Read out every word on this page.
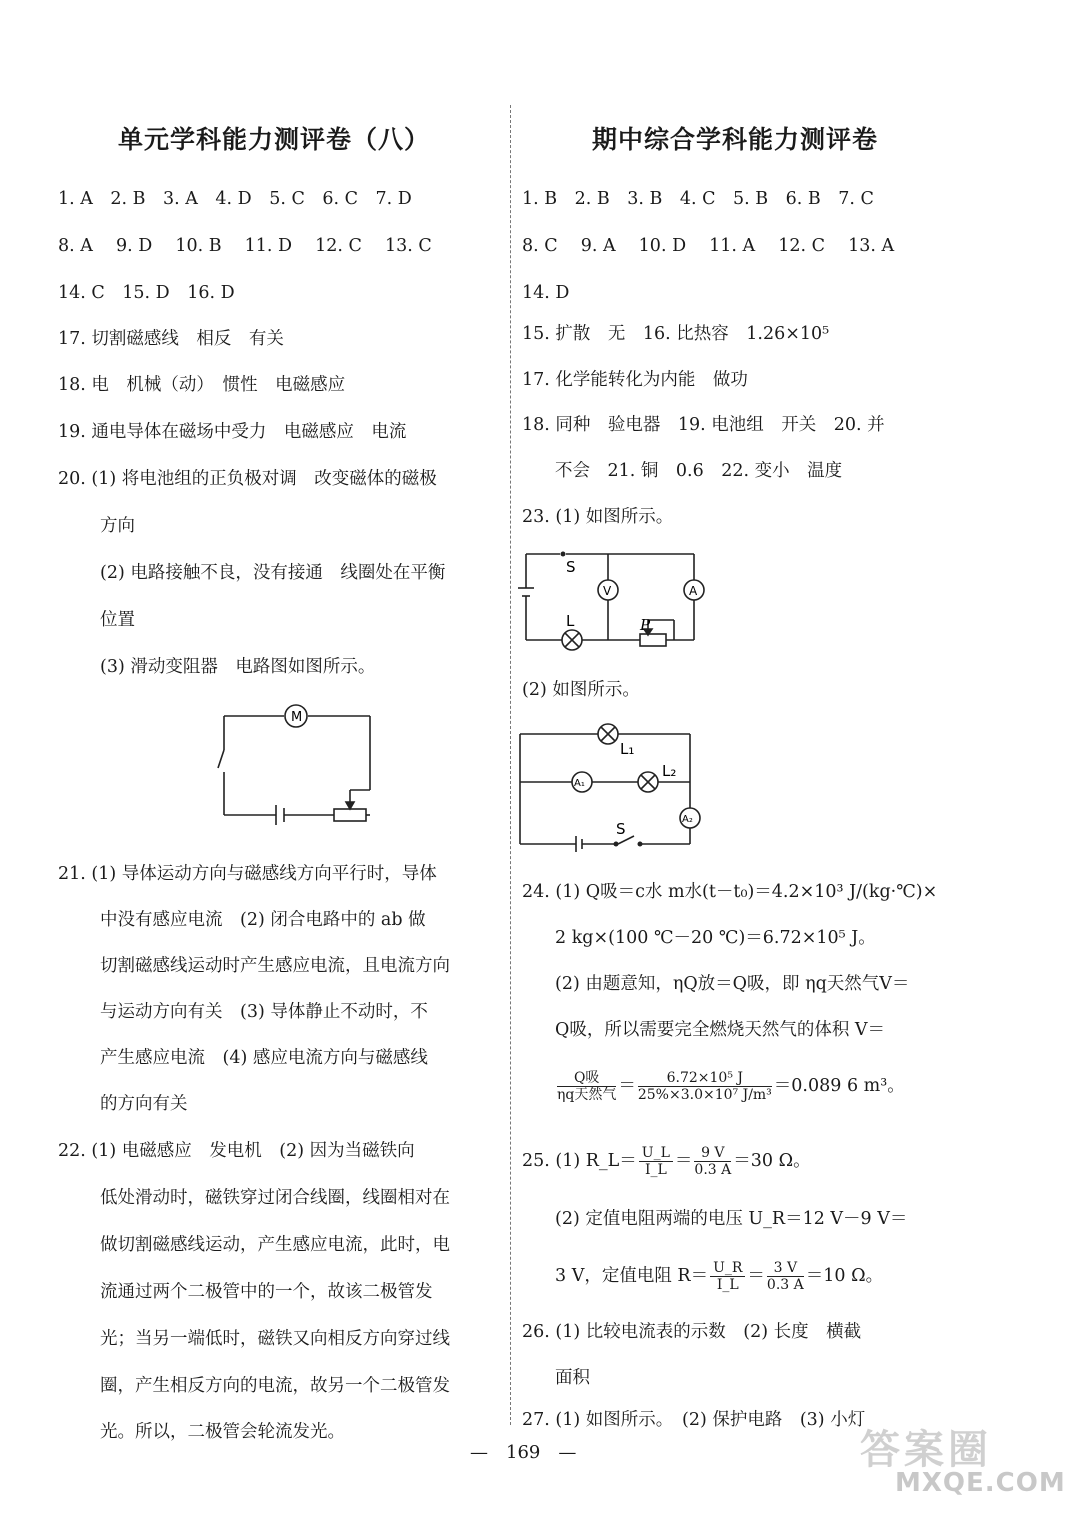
单元学科能力测评卷（八）
1. A　2. B　3. A　4. D　5. C　6. C　7. D
8. A　 9. D　 10. B　 11. D　 12. C　 13. C
14. C　15. D　16. D
17. 切割磁感线　相反　有关
18. 电　机械（动）　惯性　电磁感应
19. 通电导体在磁场中受力　电磁感应　电流
20. (1) 将电池组的正负极对调　改变磁体的磁极
方向
(2) 电路接触不良，没有接通　线圈处在平衡
位置
(3) 滑动变阻器　电路图如图所示。
M
21. (1) 导体运动方向与磁感线方向平行时，导体
中没有感应电流　(2) 闭合电路中的 ab 做
切割磁感线运动时产生感应电流，且电流方向
与运动方向有关　(3) 导体静止不动时，不
产生感应电流　(4) 感应电流方向与磁感线
的方向有关
22. (1) 电磁感应　发电机　(2) 因为当磁铁向
低处滑动时，磁铁穿过闭合线圈，线圈相对在
做切割磁感线运动，产生感应电流，此时，电
流通过两个二极管中的一个，故该二极管发
光；当另一端低时，磁铁又向相反方向穿过线
圈，产生相反方向的电流，故另一个二极管发
光。所以，二极管会轮流发光。
期中综合学科能力测评卷
1. B　2. B　3. B　4. C　5. B　6. B　7. C
8. C　 9. A　 10. D　 11. A　 12. C　 13. A
14. D
15. 扩散　无　16. 比热容　1.26×10⁵
17. 化学能转化为内能　做功
18. 同种　验电器　19. 电池组　开关　20. 并
不会　21. 铜　0.6　22. 变小　温度
23. (1) 如图所示。
S
V	A
L	P
(2) 如图所示。
L₁
L₂
A₁
A₂
S
24. (1) Q吸＝c水 m水(t－t₀)＝4.2×10³ J/(kg·℃)×
2 kg×(100 ℃－20 ℃)＝6.72×10⁵ J。
(2) 由题意知，ηQ放＝Q吸，即 ηq天然气V＝
Q吸，所以需要完全燃烧天然气的体积 V＝
$\frac{\text{Q吸}}{\text{ηq天然气}} = \frac{\text{6.72×10⁵ J}}{\text{25\%×3.0×10⁷ J/m³}} =0.089$ 6 m³。
25. (1) R_L＝ $\frac{U\_L}{I\_L} = \frac{9 V}{0.3 A} =30$ Ω。
(2) 定值电阻两端的电压 U_R＝12 V－9 V＝
3 V，定值电阻 $R= \frac{U\_R}{I\_L} = \frac{3 V}{0.3 A} =10$ Ω。
26. (1) 比较电流表的示数　(2) 长度　横截
面积
27. (1) 如图所示。　(2) 保护电路　(3) 小灯
—　169　—	答案圈
MXQE.COM
